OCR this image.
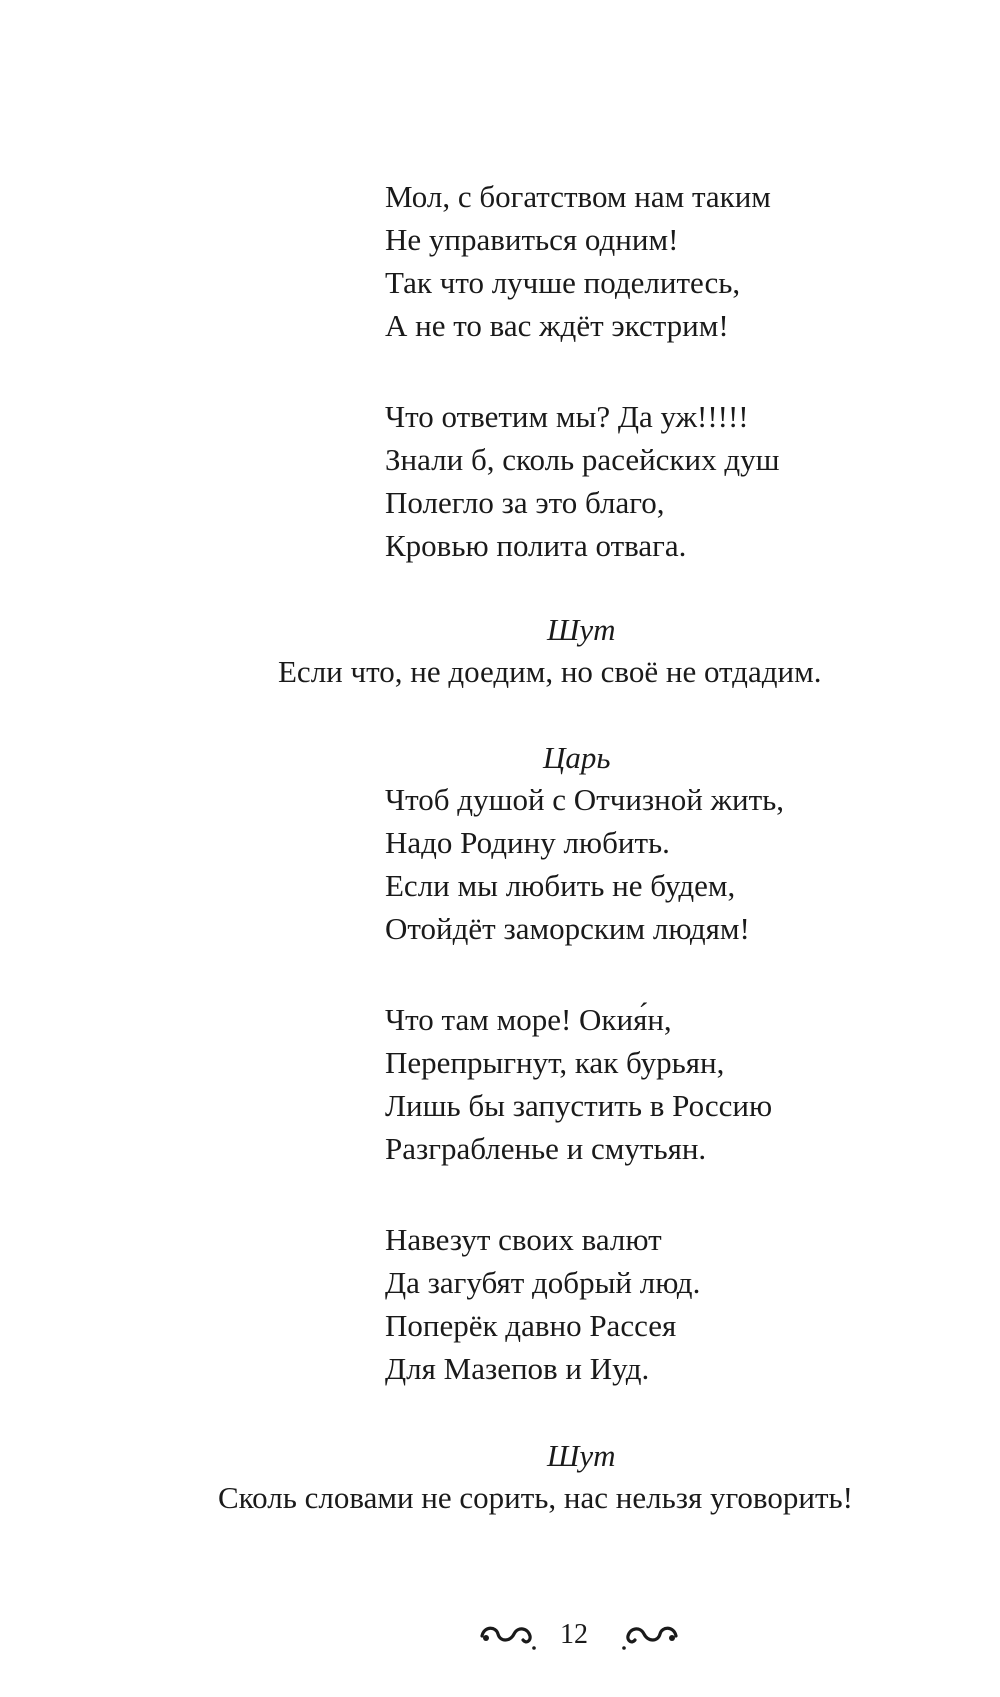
Мол, с богатством нам таким
Не управиться одним!
Так что лучше поделитесь,
А не то вас ждёт экстрим!
Что ответим мы? Да уж!!!!!
Знали б, сколь расейских душ
Полегло за это благо,
Кровью полита отвага.
Шут
Если что, не доедим, но своё не отдадим.
Царь
Чтоб душой с Отчизной жить,
Надо Родину любить.
Если мы любить не будем,
Отойдёт заморским людям!
Что там море! Окия́н,
Перепрыгнут, как бурьян,
Лишь бы запустить в Россию
Разграбленье и смутьян.
Навезут своих валют
Да загубят добрый люд.
Поперёк давно Рассея
Для Мазепов и Иуд.
Шут
Сколь словами не сорить, нас нельзя уговорить!
12
